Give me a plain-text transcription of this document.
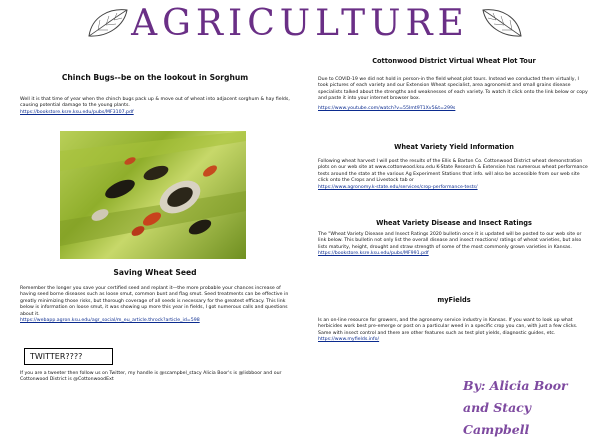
AGRICULTURE
Chinch Bugs--be on the lookout in Sorghum

Well it is that time of year when the chinch bugs pack up & move out of wheat into adjacent sorghum & hay fields, causing potential damage to the young plants.

https://bookstore.ksre.ksu.edu/pubs/MF3107.pdf
Saving Wheat Seed

Remember the longer you save your certified seed and replant it—the more probable your chances increase of having seed borne diseases such as loose smut, common bunt and flag smut. Seed treatments can be effective in greatly minimizing those risks, but thorough coverage of all seeds is necessary for the greatest efficacy. This link below is information on loose smut, it was showing up more this year in fields, I got numerous calls and questions about it.

https://webapp.agron.ksu.edu/agr_social/m_eu_article.throck?article_id=598
TWITTER????

If you are a tweeter then follow us on Twitter, my handle is @scampbel_stacy Alicia Boor's is @lisbboor and our Cottonwood District is @CottonwoodExt

Cottonwood District Virtual Wheat Plot Tour

Due to COVID-19 we did not hold in person-in the field wheat plot tours. Instead we conducted them virtually, I took pictures of each variety and our Extension Wheat specialist, area agronomist and small grains disease specialists talked about the strengths and weaknesses of each variety. To watch it click onto the link below or copy and paste it into your internet browser box.

https://www.youtube.com/watch?v=55Imt9T1Xv5&t=299s
Wheat Variety Yield Information

Following wheat harvest I will post the results of the Ellis & Barton Co. Cottonwood District wheat demonstration plots on our web site at www.cottonwood.ksu.edu K-State Research & Extension has numerous wheat performance tests around the state at the various Ag Experiment Stations that info. will also be accessible from our web site click onto the Crops and Livestock tab or

https://www.agronomy.k-state.edu/services/crop-performance-tests/
Wheat Variety Disease and Insect Ratings

The "Wheat Variety Disease and Insect Ratings 2020 bulletin once it is updated will be posted to our web site or link below. This bulletin not only list the overall disease and insect reactions/ ratings of wheat varieties, but also lists maturity, height, drought and straw strength of some of the most commonly grown varieties in Kansas.

https://bookstore.ksre.ksu.edu/pubs/MF991.pdf
myFields

Is an on-line resource for growers, and the agronomy service industry in Kansas. If you want to look up what herbicides work best pre-emerge or post on a particular weed in a specific crop you can, with just a few clicks. Same with insect control and there are other features such as test plot yields, diagnostic guides, etc.

https://www.myfields.info/
By: Alicia Boor
and Stacy Campbell
